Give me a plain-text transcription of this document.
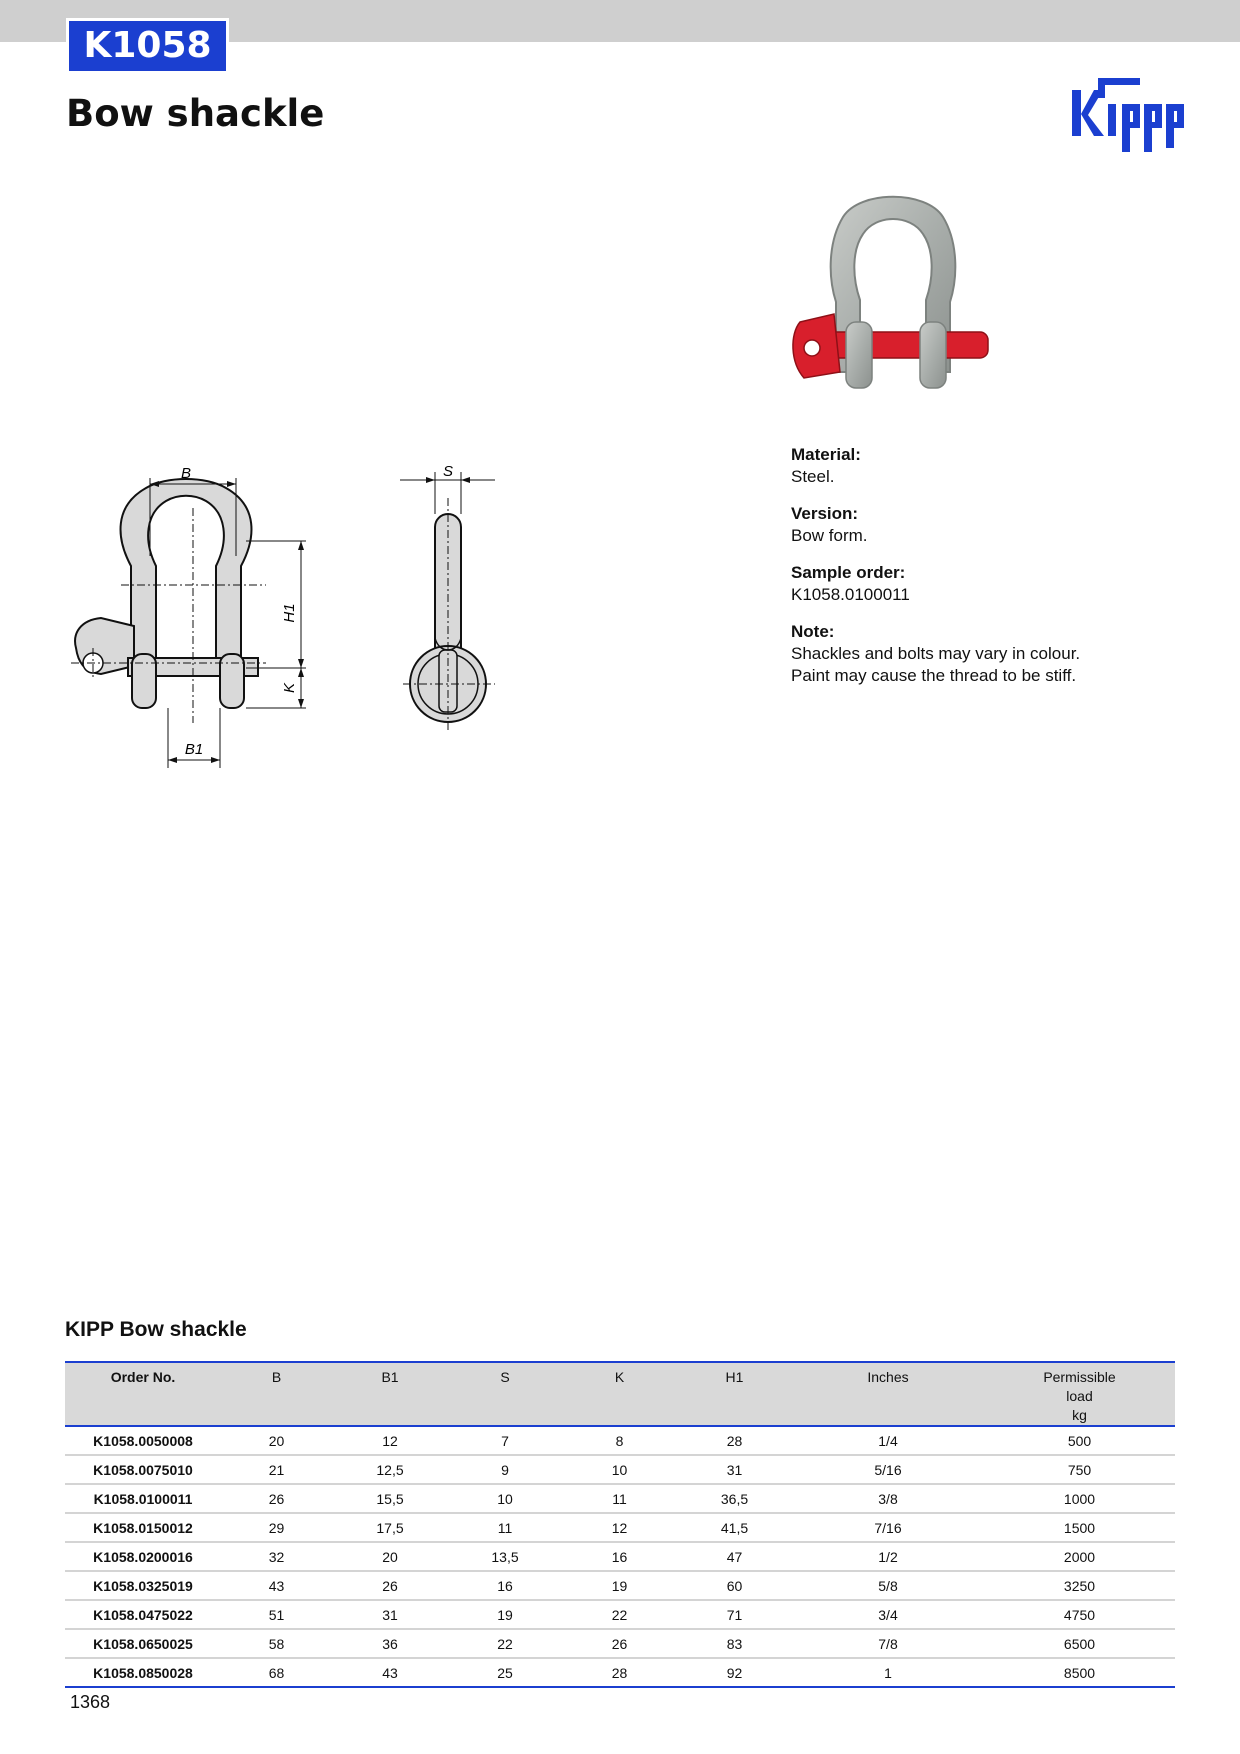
K1058
Bow shackle
B
H1
K
B1
S
Material:
Steel.
Version:
Bow form.
Sample order:
K1058.0100011
Note:
Shackles and bolts may vary in colour.
Paint may cause the thread to be stiff.
KIPP Bow shackle
Order No.	B	B1	S	K	H1	Inches	Permissible
load
kg
K1058.0050008	20	12	7	8	28	1/4	500
K1058.0075010	21	12,5	9	10	31	5/16	750
K1058.0100011	26	15,5	10	11	36,5	3/8	1000
K1058.0150012	29	17,5	11	12	41,5	7/16	1500
K1058.0200016	32	20	13,5	16	47	1/2	2000
K1058.0325019	43	26	16	19	60	5/8	3250
K1058.0475022	51	31	19	22	71	3/4	4750
K1058.0650025	58	36	22	26	83	7/8	6500
K1058.0850028	68	43	25	28	92	1	8500
1368
